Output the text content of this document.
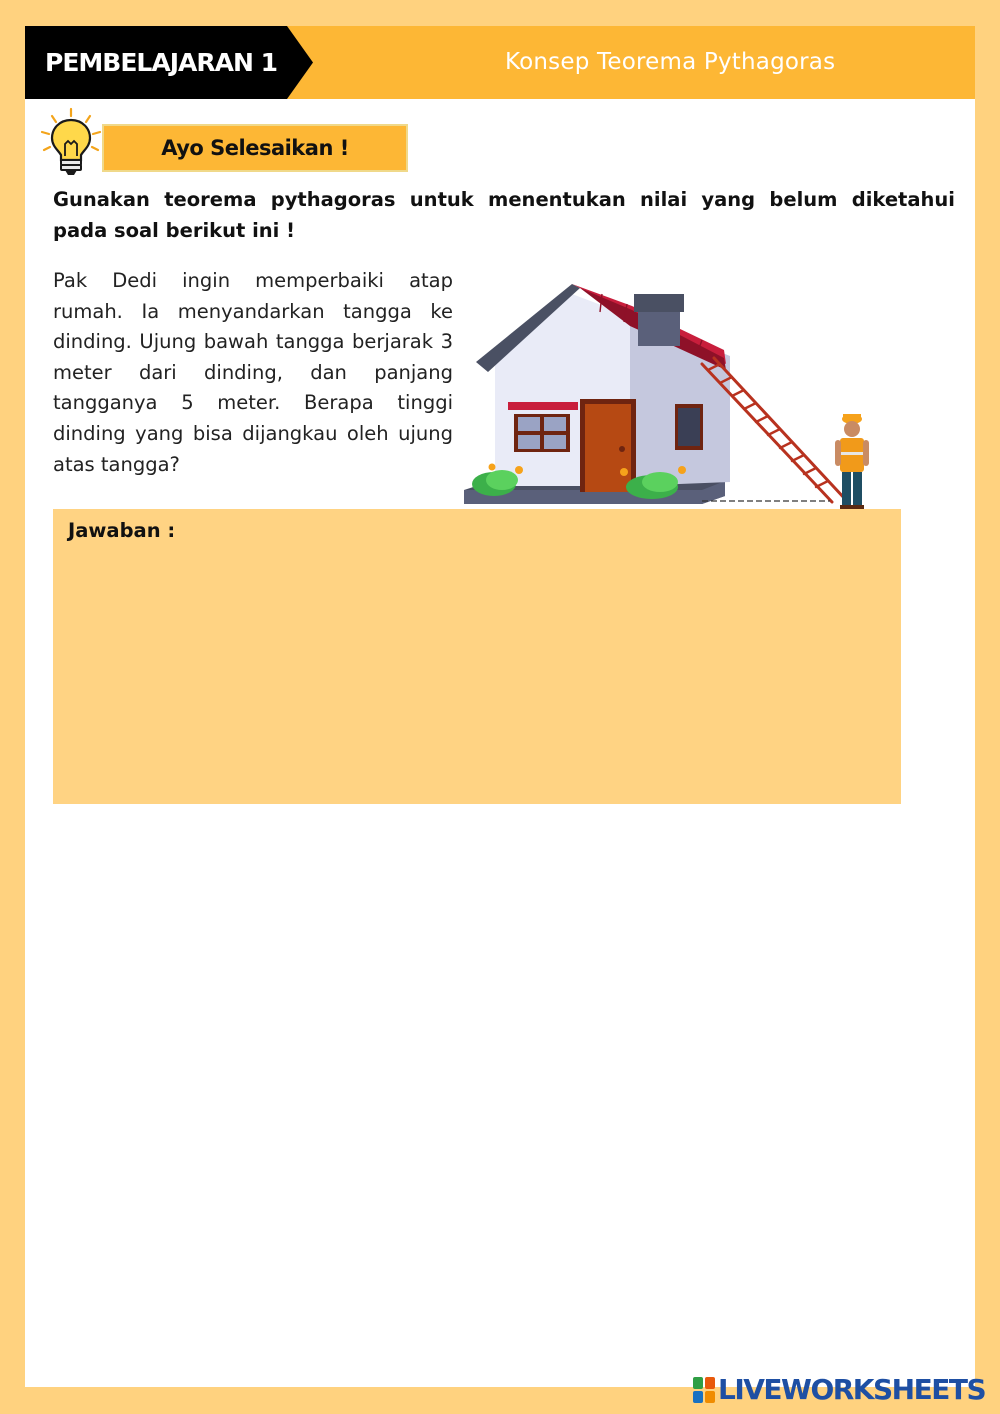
PEMBELAJARAN 1	Konsep Teorema Pythagoras
Ayo Selesaikan !

Gunakan teorema pythagoras untuk menentukan nilai yang belum diketahui pada soal berikut ini !

Pak Dedi ingin memperbaiki atap rumah. Ia menyandarkan tangga ke dinding. Ujung bawah tangga berjarak 3 meter dari dinding, dan panjang tangganya 5 meter. Berapa tinggi dinding yang bisa dijangkau oleh ujung atas tangga?

Jawaban :
LIVEWORKSHEETS
